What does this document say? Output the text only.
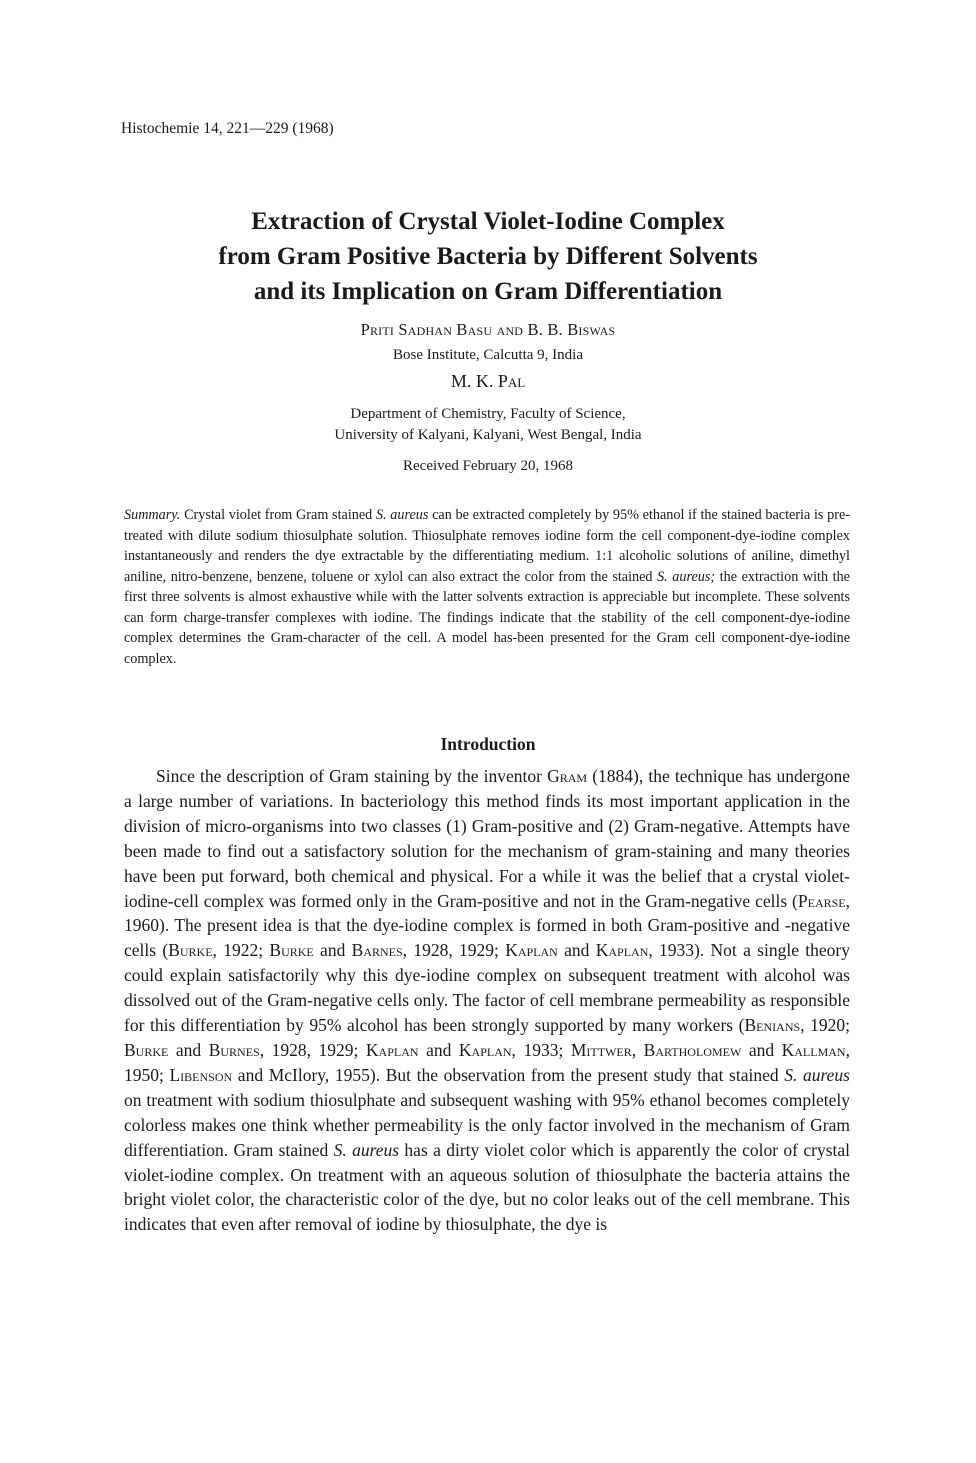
Histochemie 14, 221—229 (1968)
Extraction of Crystal Violet-Iodine Complex
from Gram Positive Bacteria by Different Solvents
and its Implication on Gram Differentiation
Priti Sadhan Basu and B. B. Biswas
Bose Institute, Calcutta 9, India
M. K. Pal
Department of Chemistry, Faculty of Science,
University of Kalyani, Kalyani, West Bengal, India
Received February 20, 1968
Summary. Crystal violet from Gram stained S. aureus can be extracted completely by 95% ethanol if the stained bacteria is pre-treated with dilute sodium thiosulphate solution. Thiosulphate removes iodine form the cell component-dye-iodine complex instantaneously and renders the dye extractable by the differentiating medium. 1:1 alcoholic solutions of aniline, dimethyl aniline, nitro-benzene, benzene, toluene or xylol can also extract the color from the stained S. aureus; the extraction with the first three solvents is almost exhaustive while with the latter solvents extraction is appreciable but incomplete. These solvents can form charge-transfer complexes with iodine. The findings indicate that the stability of the cell component-dye-iodine complex determines the Gram-character of the cell. A model has-been presented for the Gram cell component-dye-iodine complex.
Introduction

Since the description of Gram staining by the inventor Gram (1884), the technique has undergone a large number of variations. In bacteriology this method finds its most important application in the division of micro-organisms into two classes (1) Gram-positive and (2) Gram-negative. Attempts have been made to find out a satisfactory solution for the mechanism of gram-staining and many theories have been put forward, both chemical and physical. For a while it was the belief that a crystal violet-iodine-cell complex was formed only in the Gram-positive and not in the Gram-negative cells (Pearse, 1960). The present idea is that the dye-iodine complex is formed in both Gram-positive and -negative cells (Burke, 1922; Burke and Barnes, 1928, 1929; Kaplan and Kaplan, 1933). Not a single theory could explain satisfactorily why this dye-iodine complex on subsequent treatment with alcohol was dissolved out of the Gram-negative cells only. The factor of cell membrane permeability as responsible for this differentiation by 95% alcohol has been strongly supported by many workers (Benians, 1920; Burke and Burnes, 1928, 1929; Kaplan and Kaplan, 1933; Mittwer, Bartholomew and Kallman, 1950; Libenson and McIlory, 1955). But the observation from the present study that stained S. aureus on treatment with sodium thiosulphate and subsequent washing with 95% ethanol becomes completely colorless makes one think whether permeability is the only factor involved in the mechanism of Gram differentiation. Gram stained S. aureus has a dirty violet color which is apparently the color of crystal violet-iodine complex. On treatment with an aqueous solution of thiosulphate the bacteria attains the bright violet color, the characteristic color of the dye, but no color leaks out of the cell membrane. This indicates that even after removal of iodine by thiosulphate, the dye is
